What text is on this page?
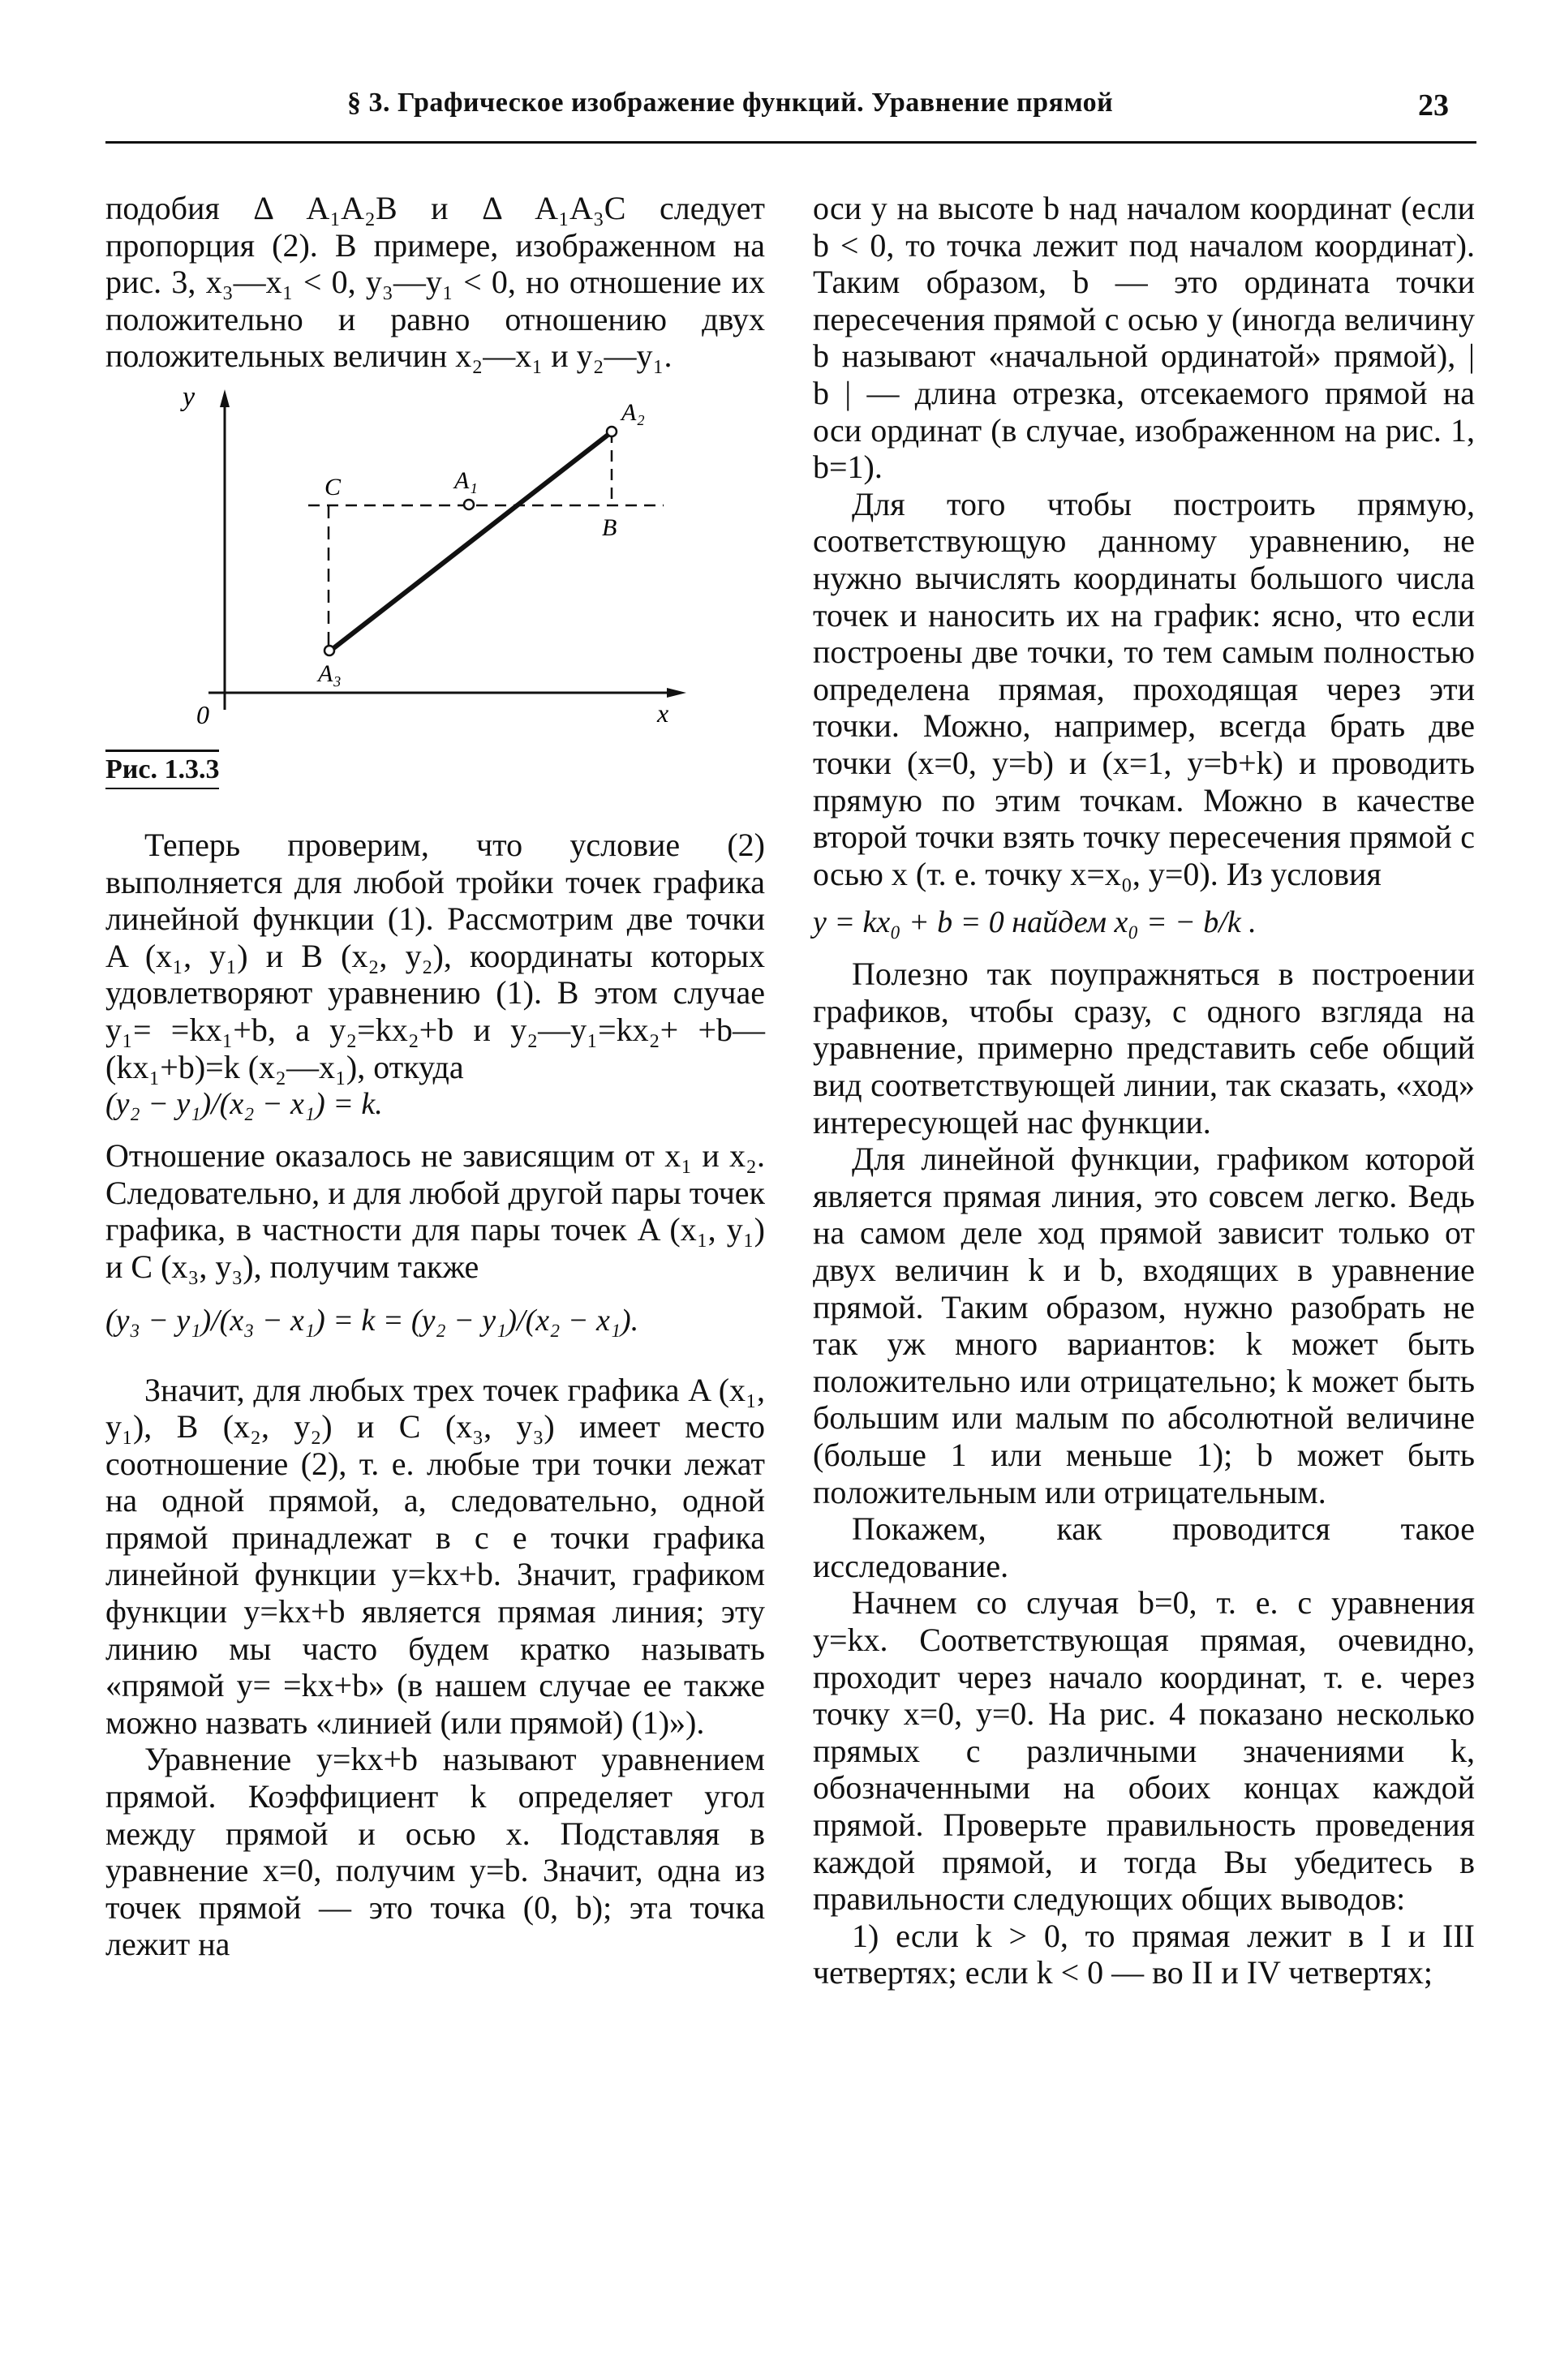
§ 3. Графическое изображение функций. Уравнение прямой	23

подобия Δ A₁A₂B и Δ A₁A₃C следует пропорция (2). В примере, изображенном на рис. 3, x₃—x₁ < 0, y₃—y₁ < 0, но отношение их положительно и равно отношению двух положительных величин x₂—x₁ и y₂—y₁.

y
A₂
C	A₁
B
A₃
0	x
Рис. 1.3.3

Теперь проверим, что условие (2) выполняется для любой тройки точек графика линейной функции (1). Рассмотрим две точки A (x₁, y₁) и B (x₂, y₂), координаты которых удовлетворяют уравнению (1). В этом случае y₁= =kx₁+b, а y₂=kx₂+b и y₂—y₁=kx₂+ +b—(kx₁+b)=k (x₂—x₁), откуда

(y₂ − y₁)/(x₂ − x₁) = k.

Отношение оказалось не зависящим от x₁ и x₂. Следовательно, и для любой другой пары точек графика, в частности для пары точек A (x₁, y₁) и C (x₃, y₃), получим также

(y₃ − y₁)/(x₃ − x₁) = k = (y₂ − y₁)/(x₂ − x₁).

Значит, для любых трех точек графика A (x₁, y₁), B (x₂, y₂) и C (x₃, y₃) имеет место соотношение (2), т. е. любые три точки лежат на одной прямой, а, следовательно, одной прямой принадлежат в с е точки графика линейной функции y=kx+b. Значит, графиком функции y=kx+b является прямая линия; эту линию мы часто будем кратко называть «прямой y= =kx+b» (в нашем случае ее также можно назвать «линией (или прямой) (1)»).

Уравнение y=kx+b называют уравнением прямой. Коэффициент k определяет угол между прямой и осью x. Подставляя в уравнение x=0, получим y=b. Значит, одна из точек прямой — это точка (0, b); эта точка лежит на

оси y на высоте b над началом координат (если b < 0, то точка лежит под началом координат). Таким образом, b — это ордината точки пересечения прямой с осью y (иногда величину b называют «начальной ординатой» прямой), | b | — длина отрезка, отсекаемого прямой на оси ординат (в случае, изображенном на рис. 1, b=1).

Для того чтобы построить прямую, соответствующую данному уравнению, не нужно вычислять координаты большого числа точек и наносить их на график: ясно, что если построены две точки, то тем самым полностью определена прямая, проходящая через эти точки. Можно, например, всегда брать две точки (x=0, y=b) и (x=1, y=b+k) и проводить прямую по этим точкам. Можно в качестве второй точки взять точку пересечения прямой с осью x (т. е. точку x=x₀, y=0). Из условия

y = kx₀ + b = 0 найдем x₀ = − b/k .

Полезно так поупражняться в построении графиков, чтобы сразу, с одного взгляда на уравнение, примерно представить себе общий вид соответствующей линии, так сказать, «ход» интересующей нас функции.

Для линейной функции, графиком которой является прямая линия, это совсем легко. Ведь на самом деле ход прямой зависит только от двух величин k и b, входящих в уравнение прямой. Таким образом, нужно разобрать не так уж много вариантов: k может быть положительно или отрицательно; k может быть большим или малым по абсолютной величине (больше 1 или меньше 1); b может быть положительным или отрицательным.

Покажем, как проводится такое исследование.

Начнем со случая b=0, т. е. с уравнения y=kx. Соответствующая прямая, очевидно, проходит через начало координат, т. е. через точку x=0, y=0. На рис. 4 показано несколько прямых с различными значениями k, обозначенными на обоих концах каждой прямой. Проверьте правильность проведения каждой прямой, и тогда Вы убедитесь в правильности следующих общих выводов:

1) если k > 0, то прямая лежит в I и III четвертях; если k < 0 — во II и IV четвертях;
